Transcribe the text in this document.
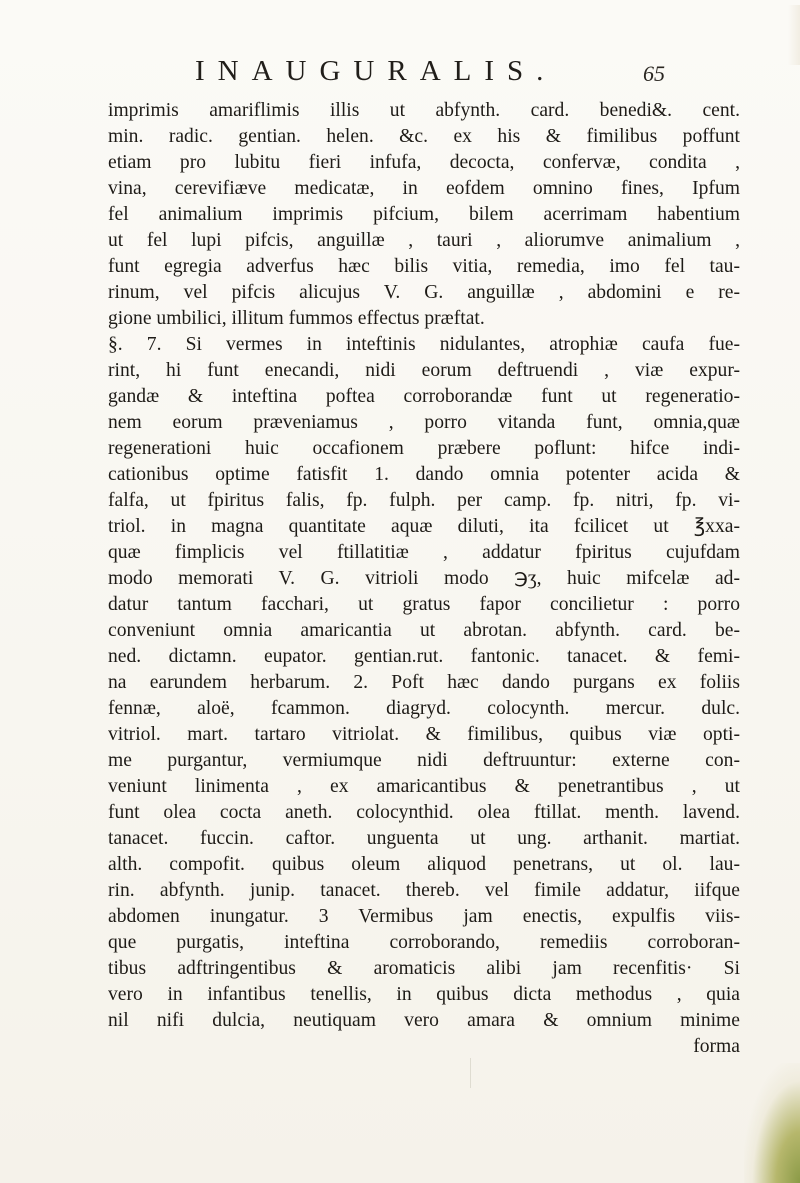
INAUGURALIS.	65
imprimis amariflimis illis ut abfynth. card. benedi&. cent.
min. radic. gentian. helen. &c. ex his & fimilibus poffunt
etiam pro lubitu fieri infufa, decocta, confervæ, condita ,
vina, cerevifiæve medicatæ, in eofdem omnino fines, Ipfum
fel animalium imprimis pifcium, bilem acerrimam habentium
ut fel lupi pifcis, anguillæ , tauri , aliorumve animalium ,
funt egregia adverfus hæc bilis vitia, remedia, imo fel tau-
rinum, vel pifcis alicujus V. G. anguillæ , abdomini e re-
gione umbilici, illitum fummos effectus præftat.
§. 7. Si vermes in inteftinis nidulantes, atrophiæ caufa fue-
rint, hi funt enecandi, nidi eorum deftruendi , viæ expur-
gandæ & inteftina poftea corroborandæ funt ut regeneratio-
nem eorum præveniamus , porro vitanda funt, omnia,quæ
regenerationi huic occafionem præbere poflunt: hifce indi-
cationibus optime fatisfit 1. dando omnia potenter acida &
falfa, ut fpiritus falis, fp. fulph. per camp. fp. nitri, fp. vi-
triol. in magna quantitate aquæ diluti, ita fcilicet ut ℥xxa-
quæ fimplicis vel ftillatitiæ , addatur fpiritus cujufdam
modo memorati V. G. vitrioli modo ℈ʒ, huic mifcelæ ad-
datur tantum facchari, ut gratus fapor concilietur : porro
conveniunt omnia amaricantia ut abrotan. abfynth. card. be-
ned. dictamn. eupator. gentian.rut. fantonic. tanacet. & femi-
na earundem herbarum. 2. Poft hæc dando purgans ex foliis
fennæ, aloë, fcammon. diagryd. colocynth. mercur. dulc.
vitriol. mart. tartaro vitriolat. & fimilibus, quibus viæ opti-
me purgantur, vermiumque nidi deftruuntur: externe con-
veniunt linimenta , ex amaricantibus & penetrantibus , ut
funt olea cocta aneth. colocynthid. olea ftillat. menth. lavend.
tanacet. fuccin. caftor. unguenta ut ung. arthanit. martiat.
alth. compofit. quibus oleum aliquod penetrans, ut ol. lau-
rin. abfynth. junip. tanacet. thereb. vel fimile addatur, iifque
abdomen inungatur. 3 Vermibus jam enectis, expulfis viis-
que purgatis, inteftina corroborando, remediis corroboran-
tibus adftringentibus & aromaticis alibi jam recenfitis· Si
vero in infantibus tenellis, in quibus dicta methodus , quia
nil nifi dulcia, neutiquam vero amara & omnium minime
forma
